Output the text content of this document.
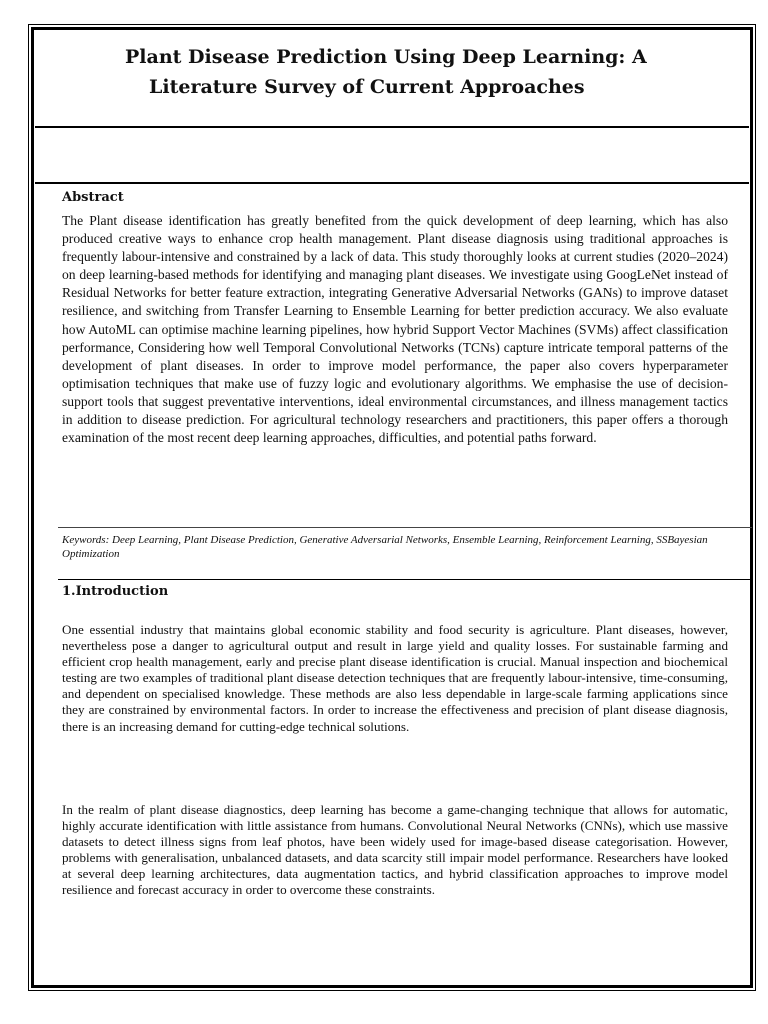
Plant Disease Prediction Using Deep Learning: A
Literature Survey of Current Approaches
Abstract

The Plant disease identification has greatly benefited from the quick development of deep learning, which has also produced creative ways to enhance crop health management. Plant disease diagnosis using traditional approaches is frequently labour-intensive and constrained by a lack of data. This study thoroughly looks at current studies (2020–2024) on deep learning-based methods for identifying and managing plant diseases. We investigate using GoogLeNet instead of Residual Networks for better feature extraction, integrating Generative Adversarial Networks (GANs) to improve dataset resilience, and switching from Transfer Learning to Ensemble Learning for better prediction accuracy. We also evaluate how AutoML can optimise machine learning pipelines, how hybrid Support Vector Machines (SVMs) affect classification performance, Considering how well Temporal Convolutional Networks (TCNs) capture intricate temporal patterns of the development of plant diseases. In order to improve model performance, the paper also covers hyperparameter optimisation techniques that make use of fuzzy logic and evolutionary algorithms. We emphasise the use of decision-support tools that suggest preventative interventions, ideal environmental circumstances, and illness management tactics in addition to disease prediction. For agricultural technology researchers and practitioners, this paper offers a thorough examination of the most recent deep learning approaches, difficulties, and potential paths forward.

Keywords: Deep Learning, Plant Disease Prediction, Generative Adversarial Networks, Ensemble Learning, Reinforcement Learning, SSBayesian Optimization

1.Introduction

One essential industry that maintains global economic stability and food security is agriculture. Plant diseases, however, nevertheless pose a danger to agricultural output and result in large yield and quality losses. For sustainable farming and efficient crop health management, early and precise plant disease identification is crucial. Manual inspection and biochemical testing are two examples of traditional plant disease detection techniques that are frequently labour-intensive, time-consuming, and dependent on specialised knowledge. These methods are also less dependable in large-scale farming applications since they are constrained by environmental factors. In order to increase the effectiveness and precision of plant disease diagnosis, there is an increasing demand for cutting-edge technical solutions.

In the realm of plant disease diagnostics, deep learning has become a game-changing technique that allows for automatic, highly accurate identification with little assistance from humans. Convolutional Neural Networks (CNNs), which use massive datasets to detect illness signs from leaf photos, have been widely used for image-based disease categorisation. However, problems with generalisation, unbalanced datasets, and data scarcity still impair model performance. Researchers have looked at several deep learning architectures, data augmentation tactics, and hybrid classification approaches to improve model resilience and forecast accuracy in order to overcome these constraints.
